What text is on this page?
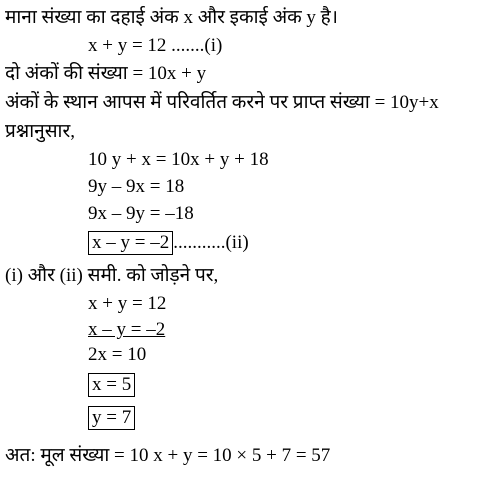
माना संख्या का दहाई अंक x और इकाई अंक y है।
x + y = 12 .......(i)
दो अंकों की संख्या = 10x + y
अंकों के स्थान आपस में परिवर्तित करने पर प्राप्त संख्या = 10y+x
प्रश्नानुसार,
10 y + x = 10x + y + 18
9y – 9x = 18
9x – 9y = –18
x – y = –2 ...........(ii)
(i) और (ii) समी. को जोड़ने पर,
x + y = 12
x – y = –2
2x = 10
x = 5
y = 7
अत: मूल संख्या = 10 x + y = 10 × 5 + 7 = 57
